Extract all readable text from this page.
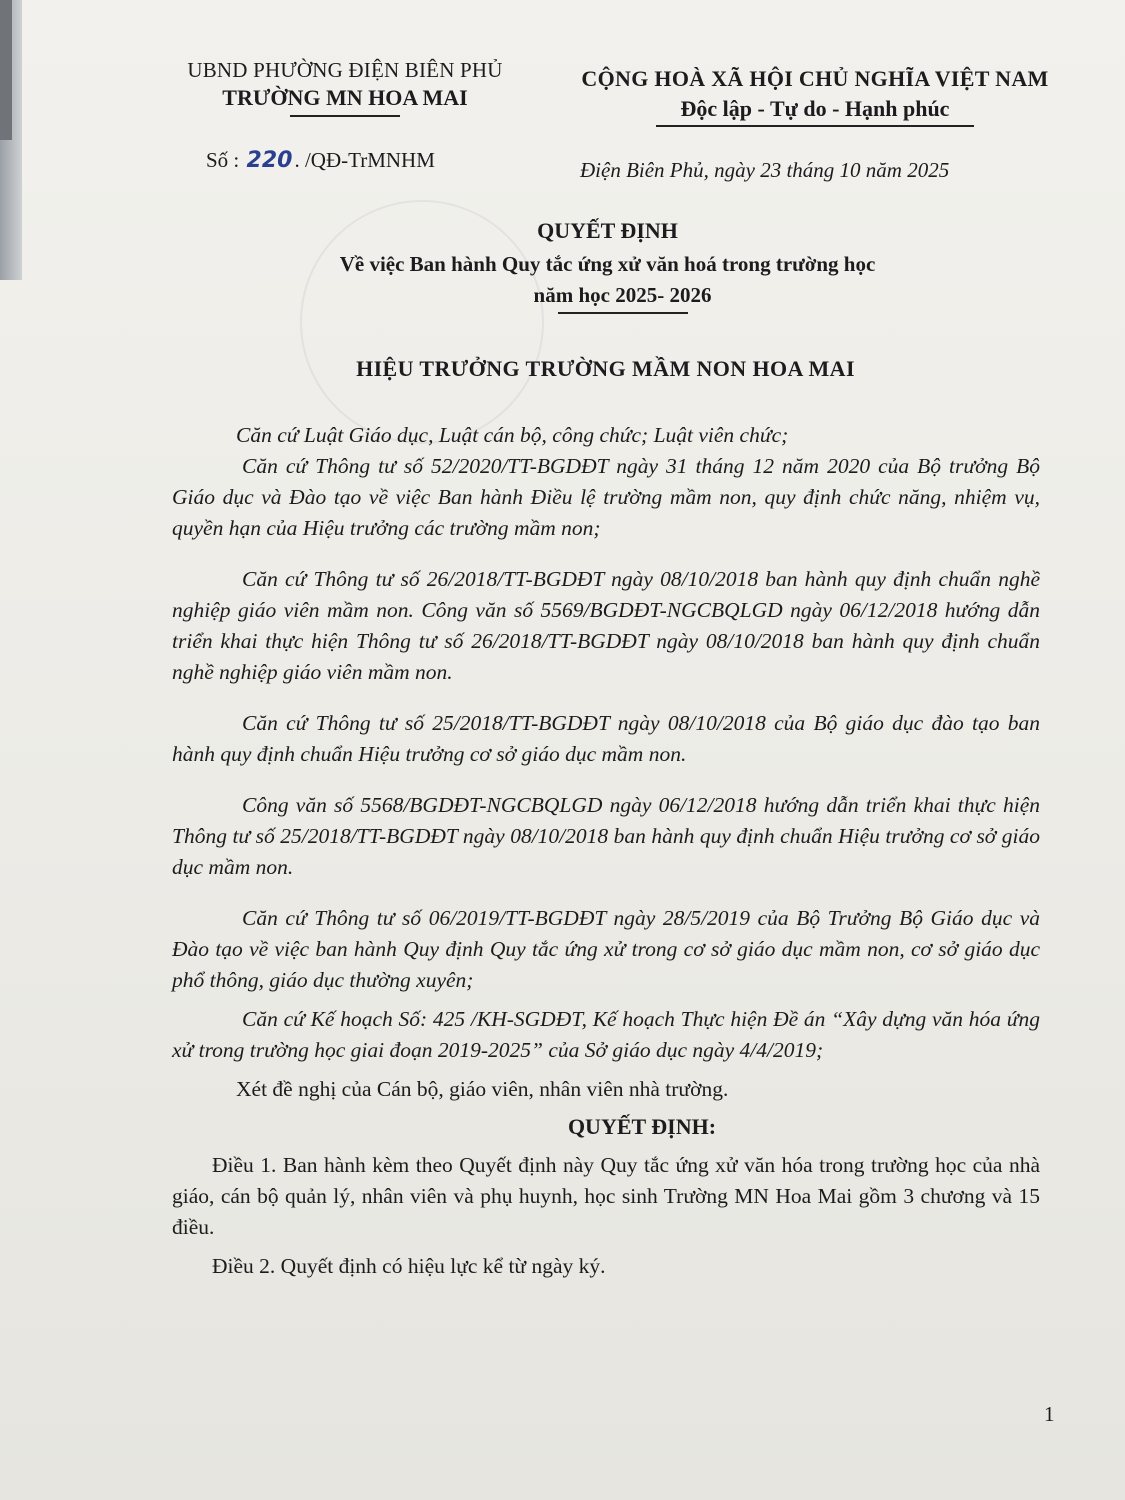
UBND PHƯỜNG ĐIỆN BIÊN PHỦ
TRƯỜNG MN HOA MAI
CỘNG HOÀ XÃ HỘI CHỦ NGHĨA VIỆT NAM
Độc lập - Tự do - Hạnh phúc
Số : 220. /QĐ-TrMNHM	Điện Biên Phủ, ngày 23 tháng 10 năm 2025
QUYẾT ĐỊNH
Về việc Ban hành Quy tắc ứng xử văn hoá trong trường học
năm học 2025- 2026
HIỆU TRƯỞNG TRƯỜNG MẦM NON HOA MAI

Căn cứ Luật Giáo dục, Luật cán bộ, công chức; Luật viên chức;

Căn cứ Thông tư số 52/2020/TT-BGDĐT ngày 31 tháng 12 năm 2020 của Bộ trưởng Bộ Giáo dục và Đào tạo về việc Ban hành Điều lệ trường mầm non, quy định chức năng, nhiệm vụ, quyền hạn của Hiệu trưởng các trường mầm non;

Căn cứ Thông tư số 26/2018/TT-BGDĐT ngày 08/10/2018 ban hành quy định chuẩn nghề nghiệp giáo viên mầm non. Công văn số 5569/BGDĐT-NGCBQLGD ngày 06/12/2018 hướng dẫn triển khai thực hiện Thông tư số 26/2018/TT-BGDĐT ngày 08/10/2018 ban hành quy định chuẩn nghề nghiệp giáo viên mầm non.

Căn cứ Thông tư số 25/2018/TT-BGDĐT ngày 08/10/2018 của Bộ giáo dục đào tạo ban hành quy định chuẩn Hiệu trưởng cơ sở giáo dục mầm non.

Công văn số 5568/BGDĐT-NGCBQLGD ngày 06/12/2018 hướng dẫn triển khai thực hiện Thông tư số 25/2018/TT-BGDĐT ngày 08/10/2018 ban hành quy định chuẩn Hiệu trưởng cơ sở giáo dục mầm non.

Căn cứ Thông tư số 06/2019/TT-BGDĐT ngày 28/5/2019 của Bộ Trưởng Bộ Giáo dục và Đào tạo về việc ban hành Quy định Quy tắc ứng xử trong cơ sở giáo dục mầm non, cơ sở giáo dục phổ thông, giáo dục thường xuyên;

Căn cứ Kế hoạch Số: 425 /KH-SGDĐT, Kế hoạch Thực hiện Đề án “Xây dựng văn hóa ứng xử trong trường học giai đoạn 2019-2025” của Sở giáo dục ngày 4/4/2019;

Xét đề nghị của Cán bộ, giáo viên, nhân viên nhà trường.

QUYẾT ĐỊNH:

Điều 1. Ban hành kèm theo Quyết định này Quy tắc ứng xử văn hóa trong trường học của nhà giáo, cán bộ quản lý, nhân viên và phụ huynh, học sinh Trường MN Hoa Mai gồm 3 chương và 15 điều.

Điều 2. Quyết định có hiệu lực kể từ ngày ký.

1
